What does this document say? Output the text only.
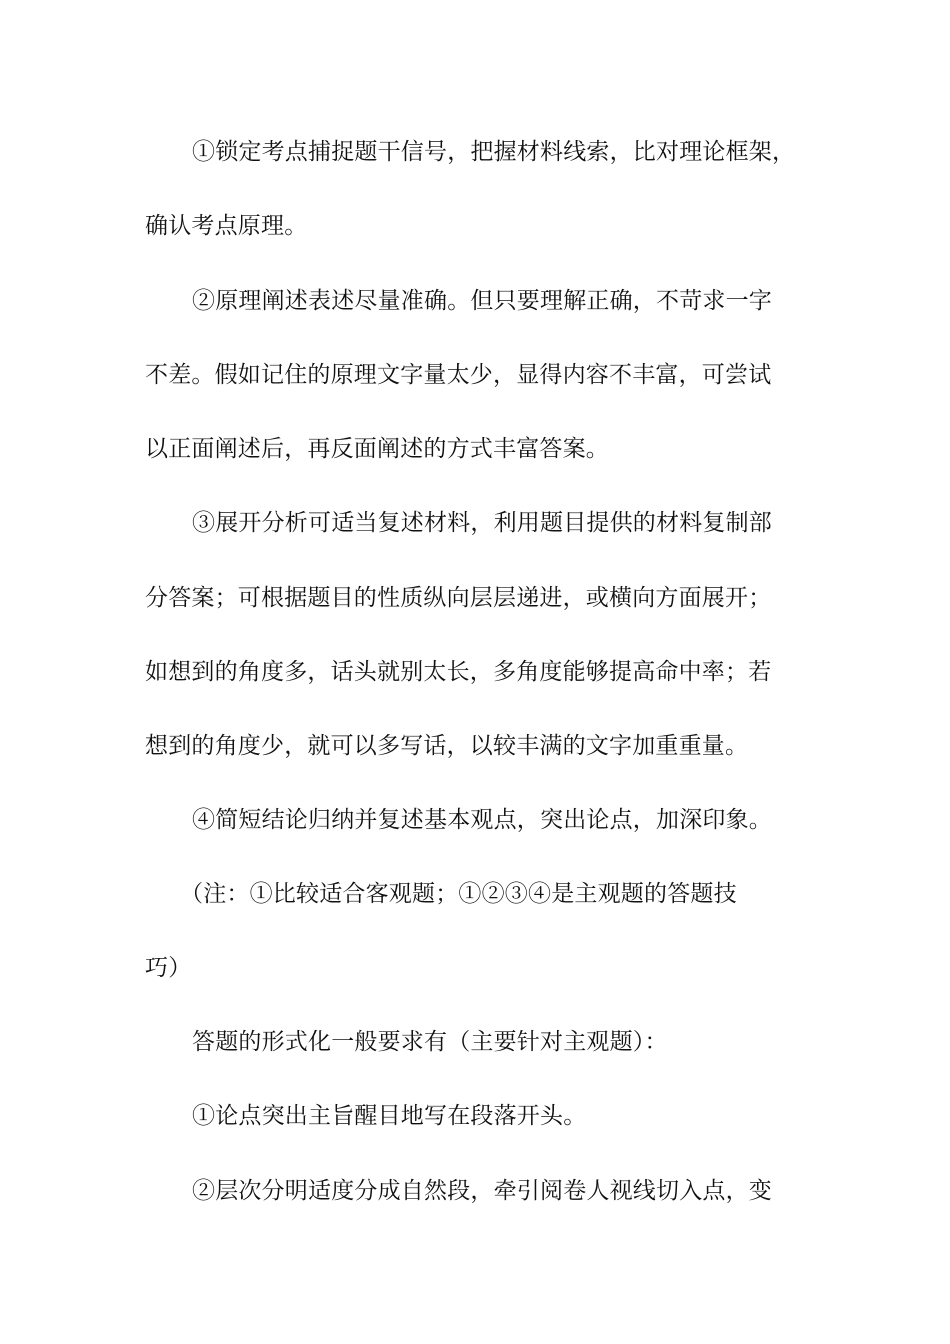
①锁定考点捕捉题干信号，把握材料线索，比对理论框架，
确认考点原理。
②原理阐述表述尽量准确。但只要理解正确，不苛求一字
不差。假如记住的原理文字量太少，显得内容不丰富，可尝试
以正面阐述后，再反面阐述的方式丰富答案。
③展开分析可适当复述材料，利用题目提供的材料复制部
分答案；可根据题目的性质纵向层层递进，或横向方面展开；
如想到的角度多，话头就别太长，多角度能够提高命中率；若
想到的角度少，就可以多写话，以较丰满的文字加重重量。
④简短结论归纳并复述基本观点，突出论点，加深印象。
（注：①比较适合客观题；①②③④是主观题的答题技
巧）
答题的形式化一般要求有（主要针对主观题）：
①论点突出主旨醒目地写在段落开头。
②层次分明适度分成自然段，牵引阅卷人视线切入点，变
